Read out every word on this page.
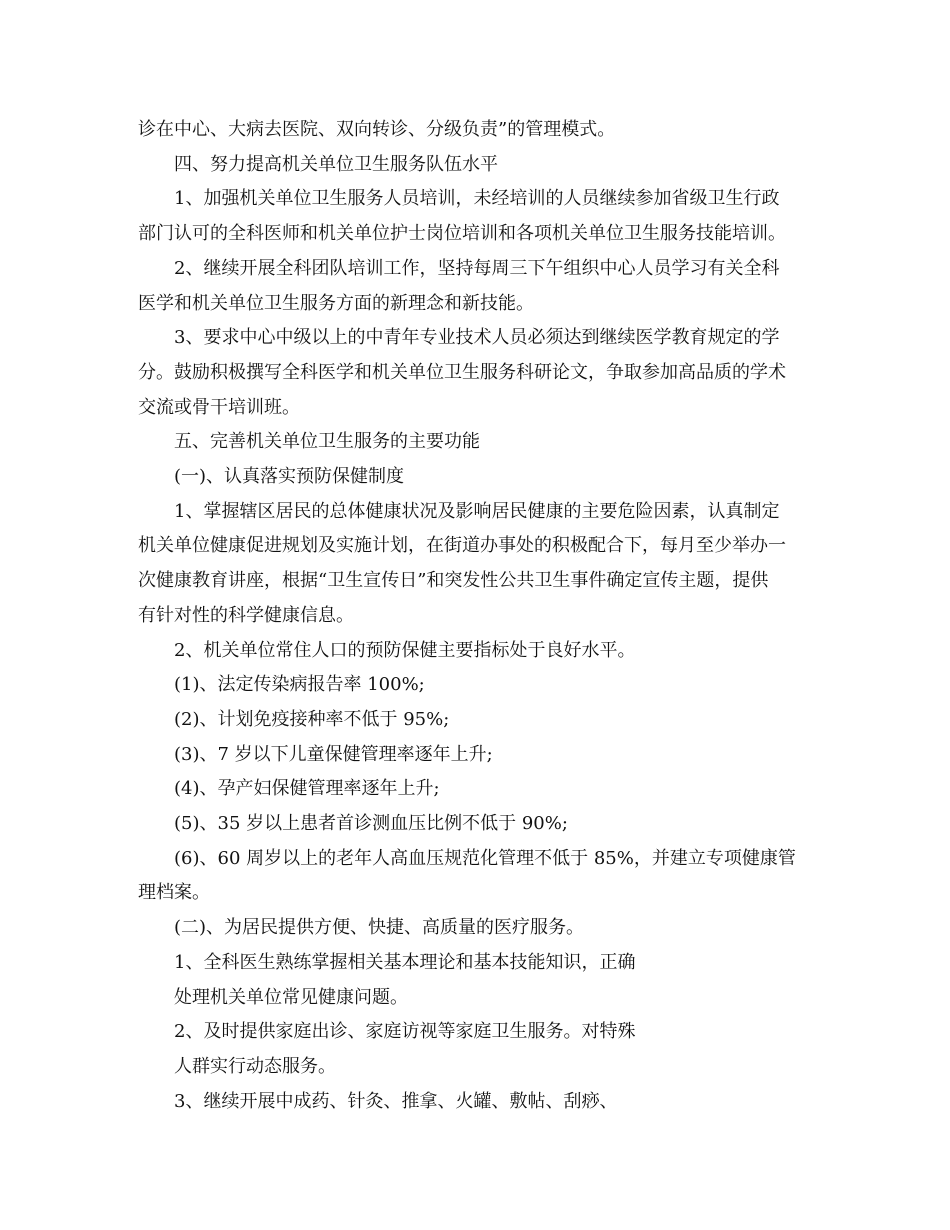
诊在中心、大病去医院、双向转诊、分级负责”的管理模式。

四、努力提高机关单位卫生服务队伍水平

1、加强机关单位卫生服务人员培训，未经培训的人员继续参加省级卫生行政

部门认可的全科医师和机关单位护士岗位培训和各项机关单位卫生服务技能培训。

2、继续开展全科团队培训工作，坚持每周三下午组织中心人员学习有关全科

医学和机关单位卫生服务方面的新理念和新技能。

3、要求中心中级以上的中青年专业技术人员必须达到继续医学教育规定的学

分。鼓励积极撰写全科医学和机关单位卫生服务科研论文，争取参加高品质的学术

交流或骨干培训班。

五、完善机关单位卫生服务的主要功能

(一)、认真落实预防保健制度

1、掌握辖区居民的总体健康状况及影响居民健康的主要危险因素，认真制定

机关单位健康促进规划及实施计划，在街道办事处的积极配合下，每月至少举办一

次健康教育讲座，根据“卫生宣传日”和突发性公共卫生事件确定宣传主题，提供

有针对性的科学健康信息。

2、机关单位常住人口的预防保健主要指标处于良好水平。

(1)、法定传染病报告率 100%;

(2)、计划免疫接种率不低于 95%;

(3)、7 岁以下儿童保健管理率逐年上升;

(4)、孕产妇保健管理率逐年上升;

(5)、35 岁以上患者首诊测血压比例不低于 90%;

(6)、60 周岁以上的老年人高血压规范化管理不低于 85%，并建立专项健康管

理档案。

(二)、为居民提供方便、快捷、高质量的医疗服务。

1、全科医生熟练掌握相关基本理论和基本技能知识，正确

处理机关单位常见健康问题。

2、及时提供家庭出诊、家庭访视等家庭卫生服务。对特殊

人群实行动态服务。

3、继续开展中成药、针灸、推拿、火罐、敷帖、刮痧、
